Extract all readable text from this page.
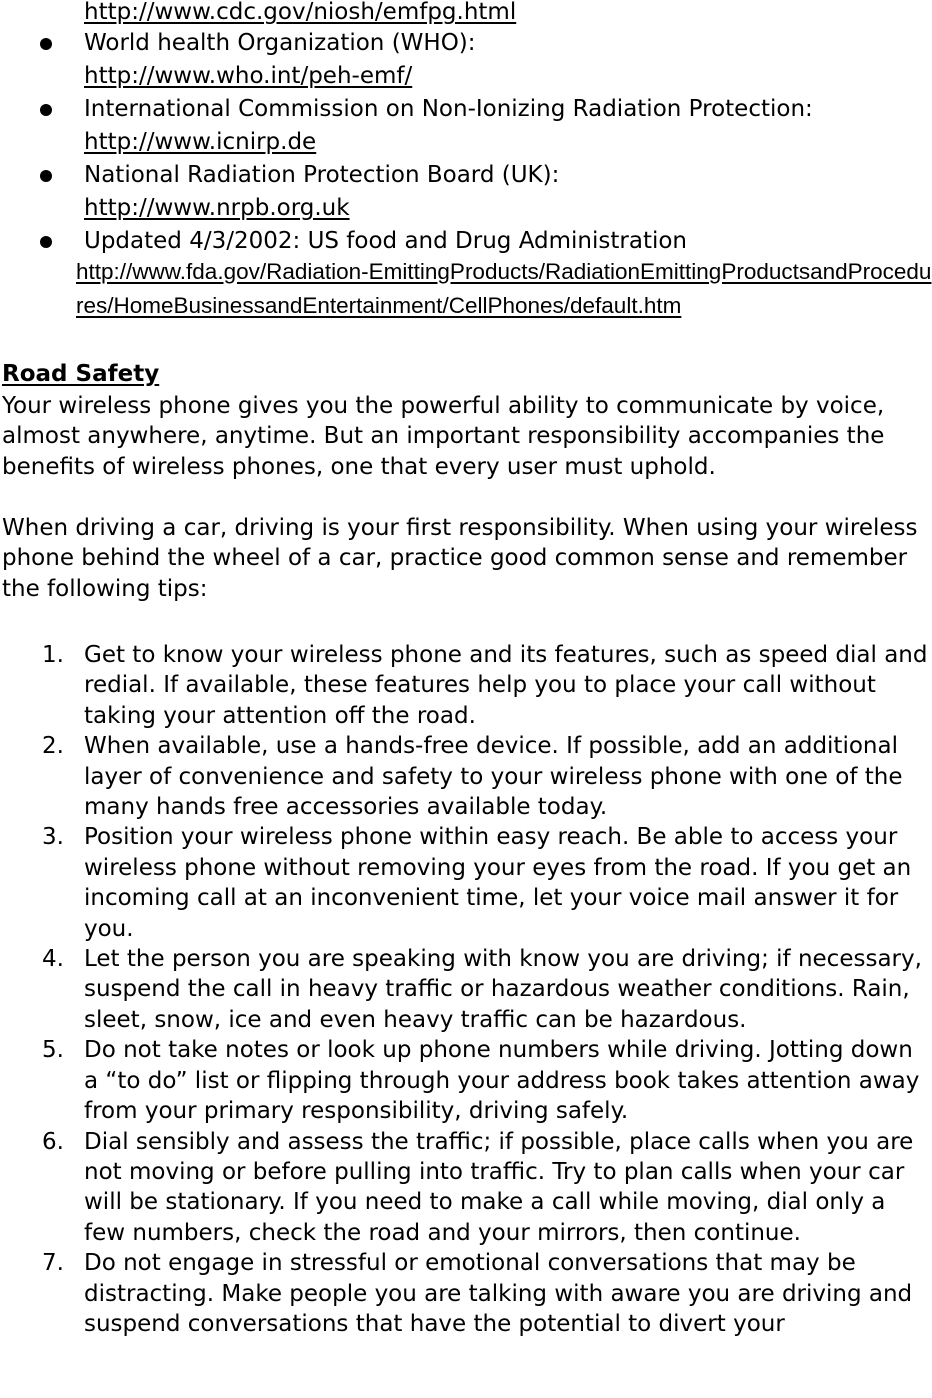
http://www.cdc.gov/niosh/emfpg.html
World health Organization (WHO):
http://www.who.int/peh-emf/
International Commission on Non-Ionizing Radiation Protection:
http://www.icnirp.de
National Radiation Protection Board (UK):
http://www.nrpb.org.uk
Updated 4/3/2002: US food and Drug Administration
http://www.fda.gov/Radiation-EmittingProducts/RadiationEmittingProductsandProcedures/HomeBusinessandEntertainment/CellPhones/default.htm
Road Safety

Your wireless phone gives you the powerful ability to communicate by voice, almost anywhere, anytime. But an important responsibility accompanies the benefits of wireless phones, one that every user must uphold.

When driving a car, driving is your first responsibility. When using your wireless phone behind the wheel of a car, practice good common sense and remember the following tips:

1. Get to know your wireless phone and its features, such as speed dial and redial. If available, these features help you to place your call without taking your attention off the road.
2. When available, use a hands-free device. If possible, add an additional layer of convenience and safety to your wireless phone with one of the many hands free accessories available today.
3. Position your wireless phone within easy reach. Be able to access your wireless phone without removing your eyes from the road. If you get an incoming call at an inconvenient time, let your voice mail answer it for you.
4. Let the person you are speaking with know you are driving; if necessary, suspend the call in heavy traffic or hazardous weather conditions. Rain, sleet, snow, ice and even heavy traffic can be hazardous.
5. Do not take notes or look up phone numbers while driving. Jotting down a “to do” list or flipping through your address book takes attention away from your primary responsibility, driving safely.
6. Dial sensibly and assess the traffic; if possible, place calls when you are not moving or before pulling into traffic. Try to plan calls when your car will be stationary. If you need to make a call while moving, dial only a few numbers, check the road and your mirrors, then continue.
7. Do not engage in stressful or emotional conversations that may be distracting. Make people you are talking with aware you are driving and suspend conversations that have the potential to divert your
